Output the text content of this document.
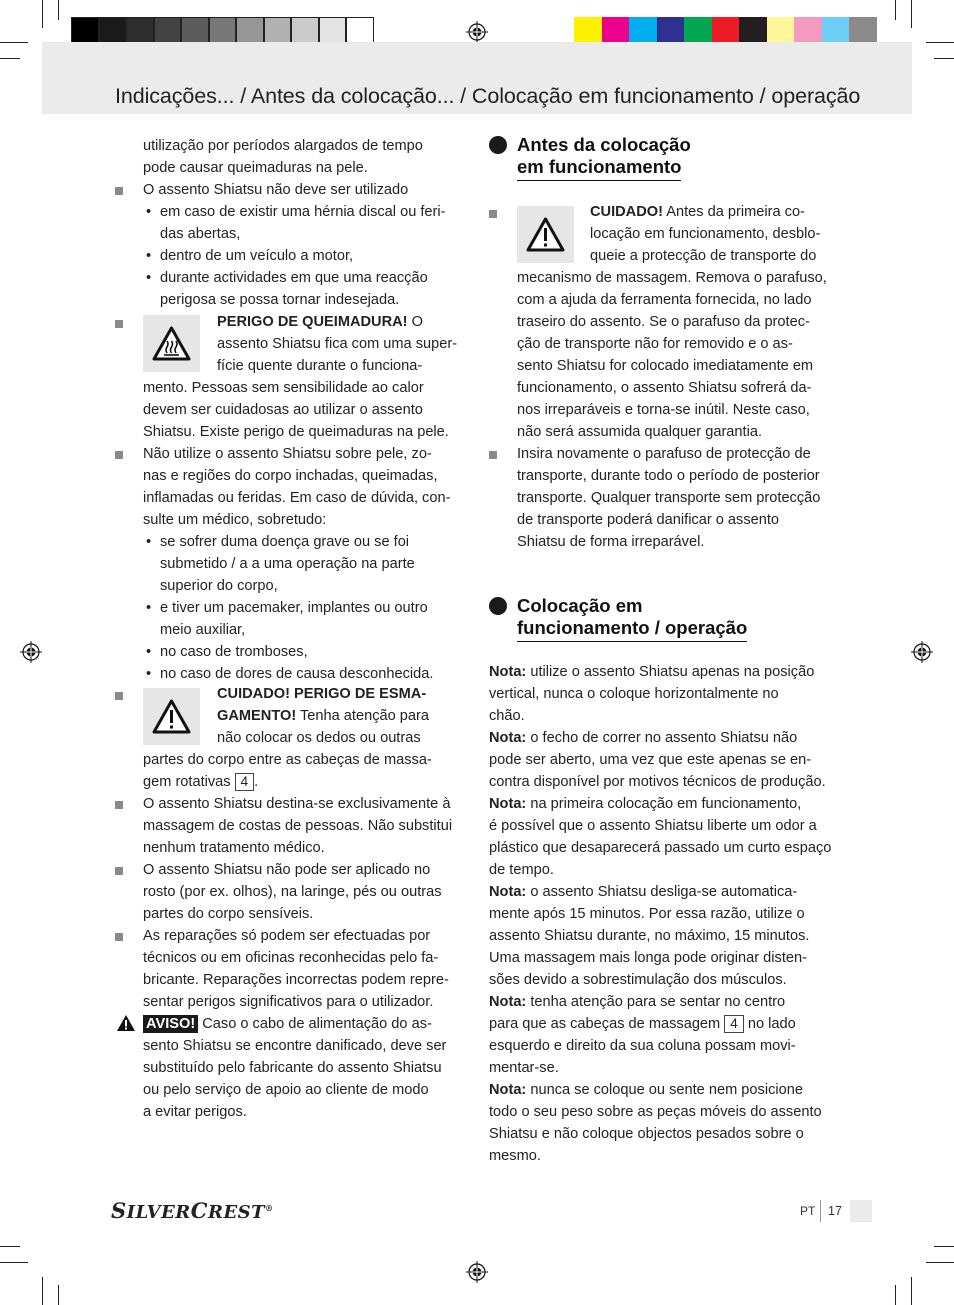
Indicações... / Antes da colocação... / Colocação em funcionamento / operação
utilização por períodos alargados de tempo
pode causar queimaduras na pele.
O assento Shiatsu não deve ser utilizado
• em caso de existir uma hérnia discal ou feri-
das abertas,
• dentro de um veículo a motor,
• durante actividades em que uma reacção
perigosa se possa tornar indesejada.
PERIGO DE QUEIMADURA! O
assento Shiatsu fica com uma super-
fície quente durante o funciona-
mento. Pessoas sem sensibilidade ao calor
devem ser cuidadosas ao utilizar o assento
Shiatsu. Existe perigo de queimaduras na pele.
Não utilize o assento Shiatsu sobre pele, zo-
nas e regiões do corpo inchadas, queimadas,
inflamadas ou feridas. Em caso de dúvida, con-
sulte um médico, sobretudo:
• se sofrer duma doença grave ou se foi
submetido / a a uma operação na parte
superior do corpo,
• e tiver um pacemaker, implantes ou outro
meio auxiliar,
• no caso de tromboses,
• no caso de dores de causa desconhecida.
CUIDADO! PERIGO DE ESMA-
GAMENTO! Tenha atenção para
não colocar os dedos ou outras
partes do corpo entre as cabeças de massa-
gem rotativas 4 .
O assento Shiatsu destina-se exclusivamente à
massagem de costas de pessoas. Não substitui
nenhum tratamento médico.
O assento Shiatsu não pode ser aplicado no
rosto (por ex. olhos), na laringe, pés ou outras
partes do corpo sensíveis.
As reparações só podem ser efectuadas por
técnicos ou em oficinas reconhecidas pelo fa-
bricante. Reparações incorrectas podem repre-
sentar perigos significativos para o utilizador.
AVISO! Caso o cabo de alimentação do as-
sento Shiatsu se encontre danificado, deve ser
substituído pelo fabricante do assento Shiatsu
ou pelo serviço de apoio ao cliente de modo
a evitar perigos.
Antes da colocação
em funcionamento
CUIDADO! Antes da primeira co-
locação em funcionamento, desblo-
queie a protecção de transporte do
mecanismo de massagem. Remova o parafuso,
com a ajuda da ferramenta fornecida, no lado
traseiro do assento. Se o parafuso da protec-
ção de transporte não for removido e o as-
sento Shiatsu for colocado imediatamente em
funcionamento, o assento Shiatsu sofrerá da-
nos irreparáveis e torna-se inútil. Neste caso,
não será assumida qualquer garantia.
Insira novamente o parafuso de protecção de
transporte, durante todo o período de posterior
transporte. Qualquer transporte sem protecção
de transporte poderá danificar o assento
Shiatsu de forma irreparável.
Colocação em
funcionamento / operação
Nota: utilize o assento Shiatsu apenas na posição
vertical, nunca o coloque horizontalmente no
chão.
Nota: o fecho de correr no assento Shiatsu não
pode ser aberto, uma vez que este apenas se en-
contra disponível por motivos técnicos de produção.
Nota: na primeira colocação em funcionamento,
é possível que o assento Shiatsu liberte um odor a
plástico que desaparecerá passado um curto espaço
de tempo.
Nota: o assento Shiatsu desliga-se automatica-
mente após 15 minutos. Por essa razão, utilize o
assento Shiatsu durante, no máximo, 15 minutos.
Uma massagem mais longa pode originar disten-
sões devido a sobrestimulação dos músculos.
Nota: tenha atenção para se sentar no centro
para que as cabeças de massagem 4 no lado
esquerdo e direito da sua coluna possam movi-
mentar-se.
Nota: nunca se coloque ou sente nem posicione
todo o seu peso sobre as peças móveis do assento
Shiatsu e não coloque objectos pesados sobre o
mesmo.
SILVERCREST®	PT 17
